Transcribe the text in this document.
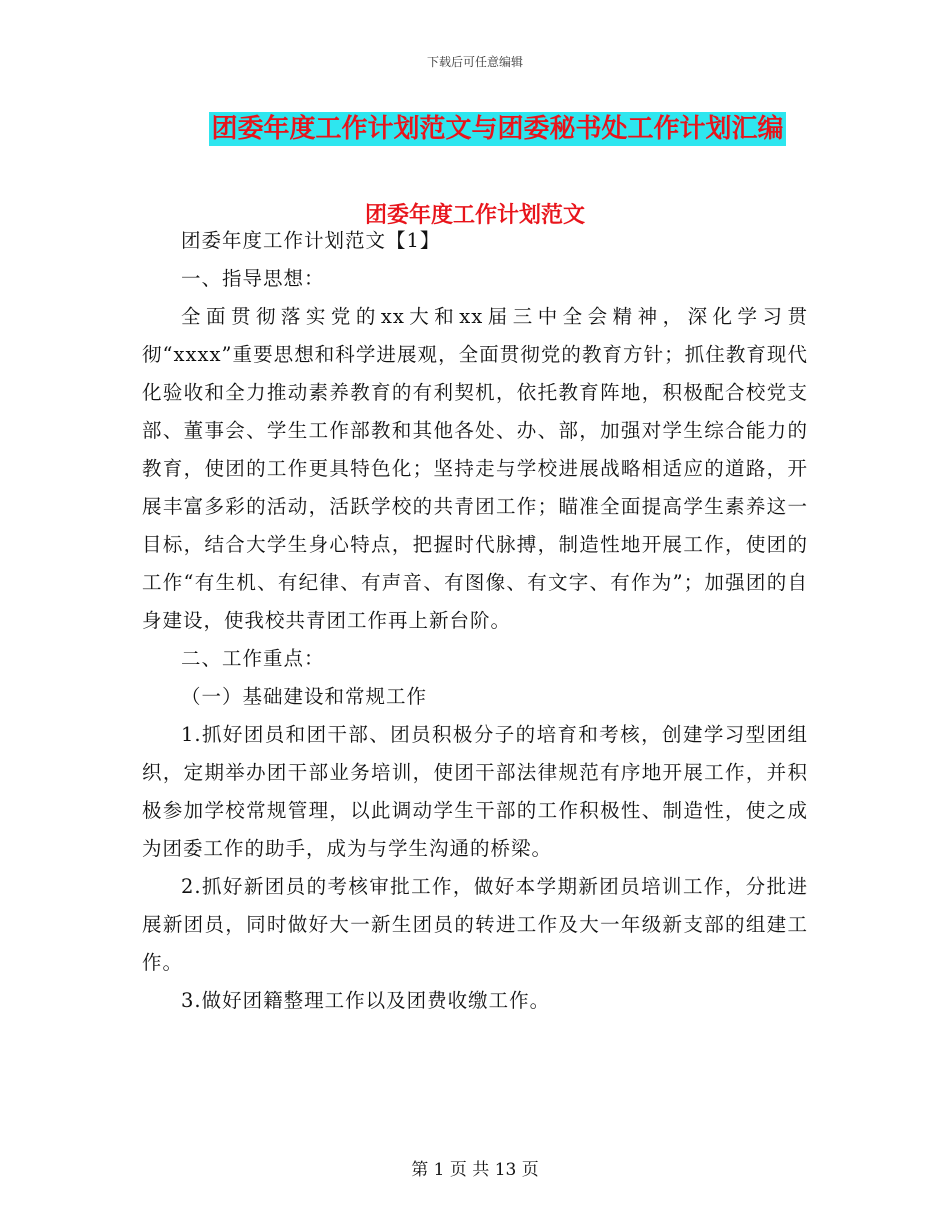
下载后可任意编辑
团委年度工作计划范文与团委秘书处工作计划汇编
团委年度工作计划范文

团委年度工作计划范文【1】

一、指导思想：

全面贯彻落实党的xx大和xx届三中全会精神，深化学习贯彻“xxxx”重要思想和科学进展观，全面贯彻党的教育方针；抓住教育现代化验收和全力推动素养教育的有利契机，依托教育阵地，积极配合校党支部、董事会、学生工作部教和其他各处、办、部，加强对学生综合能力的教育，使团的工作更具特色化；坚持走与学校进展战略相适应的道路，开展丰富多彩的活动，活跃学校的共青团工作；瞄准全面提高学生素养这一目标，结合大学生身心特点，把握时代脉搏，制造性地开展工作，使团的工作“有生机、有纪律、有声音、有图像、有文字、有作为”；加强团的自身建设，使我校共青团工作再上新台阶。

二、工作重点：

（一）基础建设和常规工作

1.抓好团员和团干部、团员积极分子的培育和考核，创建学习型团组织，定期举办团干部业务培训，使团干部法律规范有序地开展工作，并积极参加学校常规管理，以此调动学生干部的工作积极性、制造性，使之成为团委工作的助手，成为与学生沟通的桥梁。

2.抓好新团员的考核审批工作，做好本学期新团员培训工作，分批进展新团员，同时做好大一新生团员的转进工作及大一年级新支部的组建工作。

3.做好团籍整理工作以及团费收缴工作。

第 1 页 共 13 页
